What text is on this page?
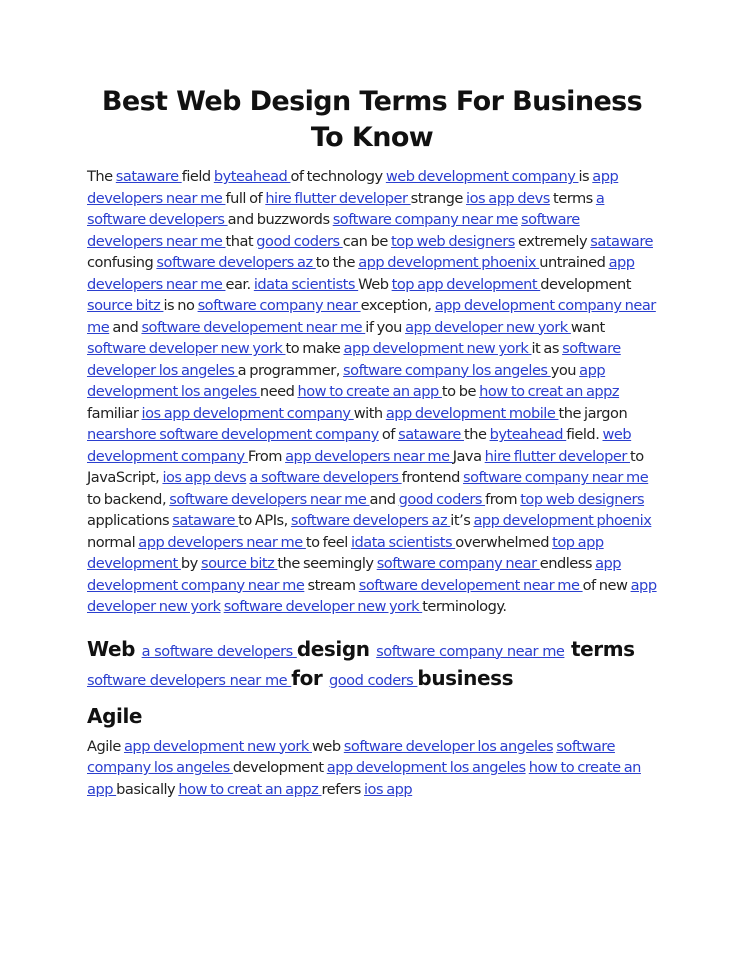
Best Web Design Terms For Business To Know

The sataware field byteahead of technology web development company is app developers near me full of hire flutter developer strange ios app devs terms a software developers and buzzwords software company near me software developers near me that good coders can be top web designers extremely sataware confusing software developers az to the app development phoenix untrained app developers near me ear. idata scientists Web top app development development source bitz is no software company near exception, app development company near me and software developement near me if you app developer new york want software developer new york to make app development new york it as software developer los angeles a programmer, software company los angeles you app development los angeles need how to create an app to be how to creat an appz familiar ios app development company with app development mobile the jargon nearshore software development company of sataware the byteahead field. web development company From app developers near me Java hire flutter developer to JavaScript, ios app devs a software developers frontend software company near me to backend, software developers near me and good coders from top web designers applications sataware to APIs, software developers az it’s app development phoenix normal app developers near me to feel idata scientists overwhelmed top app development by source bitz the seemingly software company near endless app development company near me stream software developement near me of new app developer new york software developer new york terminology.

Web a software developers design software company near me terms software developers near me for good coders business
Agile

Agile app development new york web software developer los angeles software company los angeles development app development los angeles how to create an app basically how to creat an appz refers ios app
